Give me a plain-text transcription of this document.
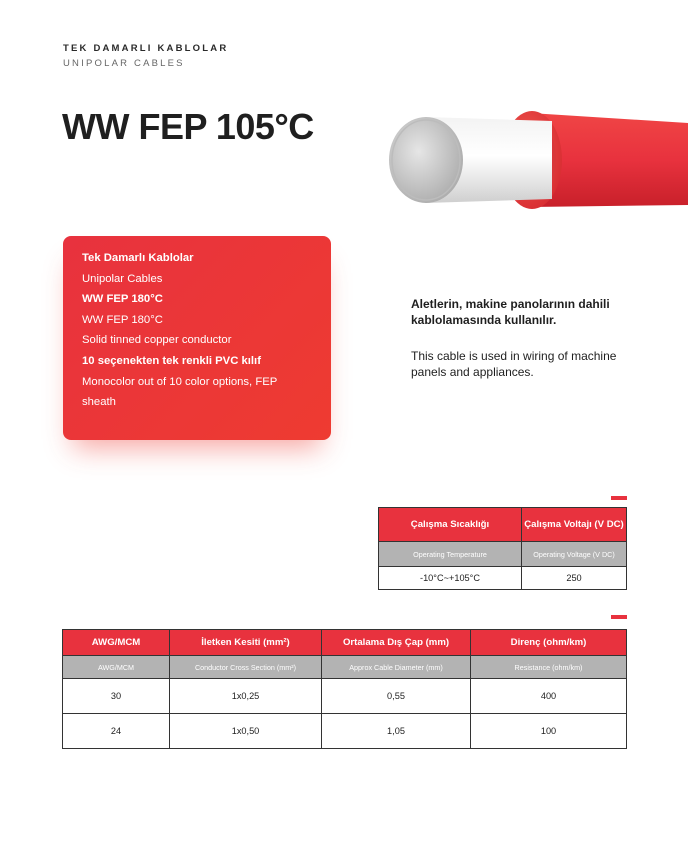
TEK DAMARLI KABLOLAR
UNIPOLAR CABLES
WW FEP 105°C
Tek Damarlı Kablolar
Unipolar Cables
WW FEP 180°C
WW FEP 180°C
Solid tinned copper conductor
10 seçenekten tek renkli PVC kılıf
Monocolor out of 10 color options, FEP sheath
Aletlerin, makine panolarının dahili kablolamasında kullanılır.
This cable is used in wiring of machine panels and appliances.
Çalışma Sıcaklığı	Çalışma Voltajı (V DC)
Operating Temperature	Operating Voltage (V DC)
-10°C~+105°C	250
AWG/MCM	İletken Kesiti (mm²)	Ortalama Dış Çap (mm)	Direnç (ohm/km)
AWG/MCM	Conductor Cross Section (mm²)	Approx Cable Diameter (mm)	Resistance (ohm/km)
30	1x0,25	0,55	400
24	1x0,50	1,05	100
